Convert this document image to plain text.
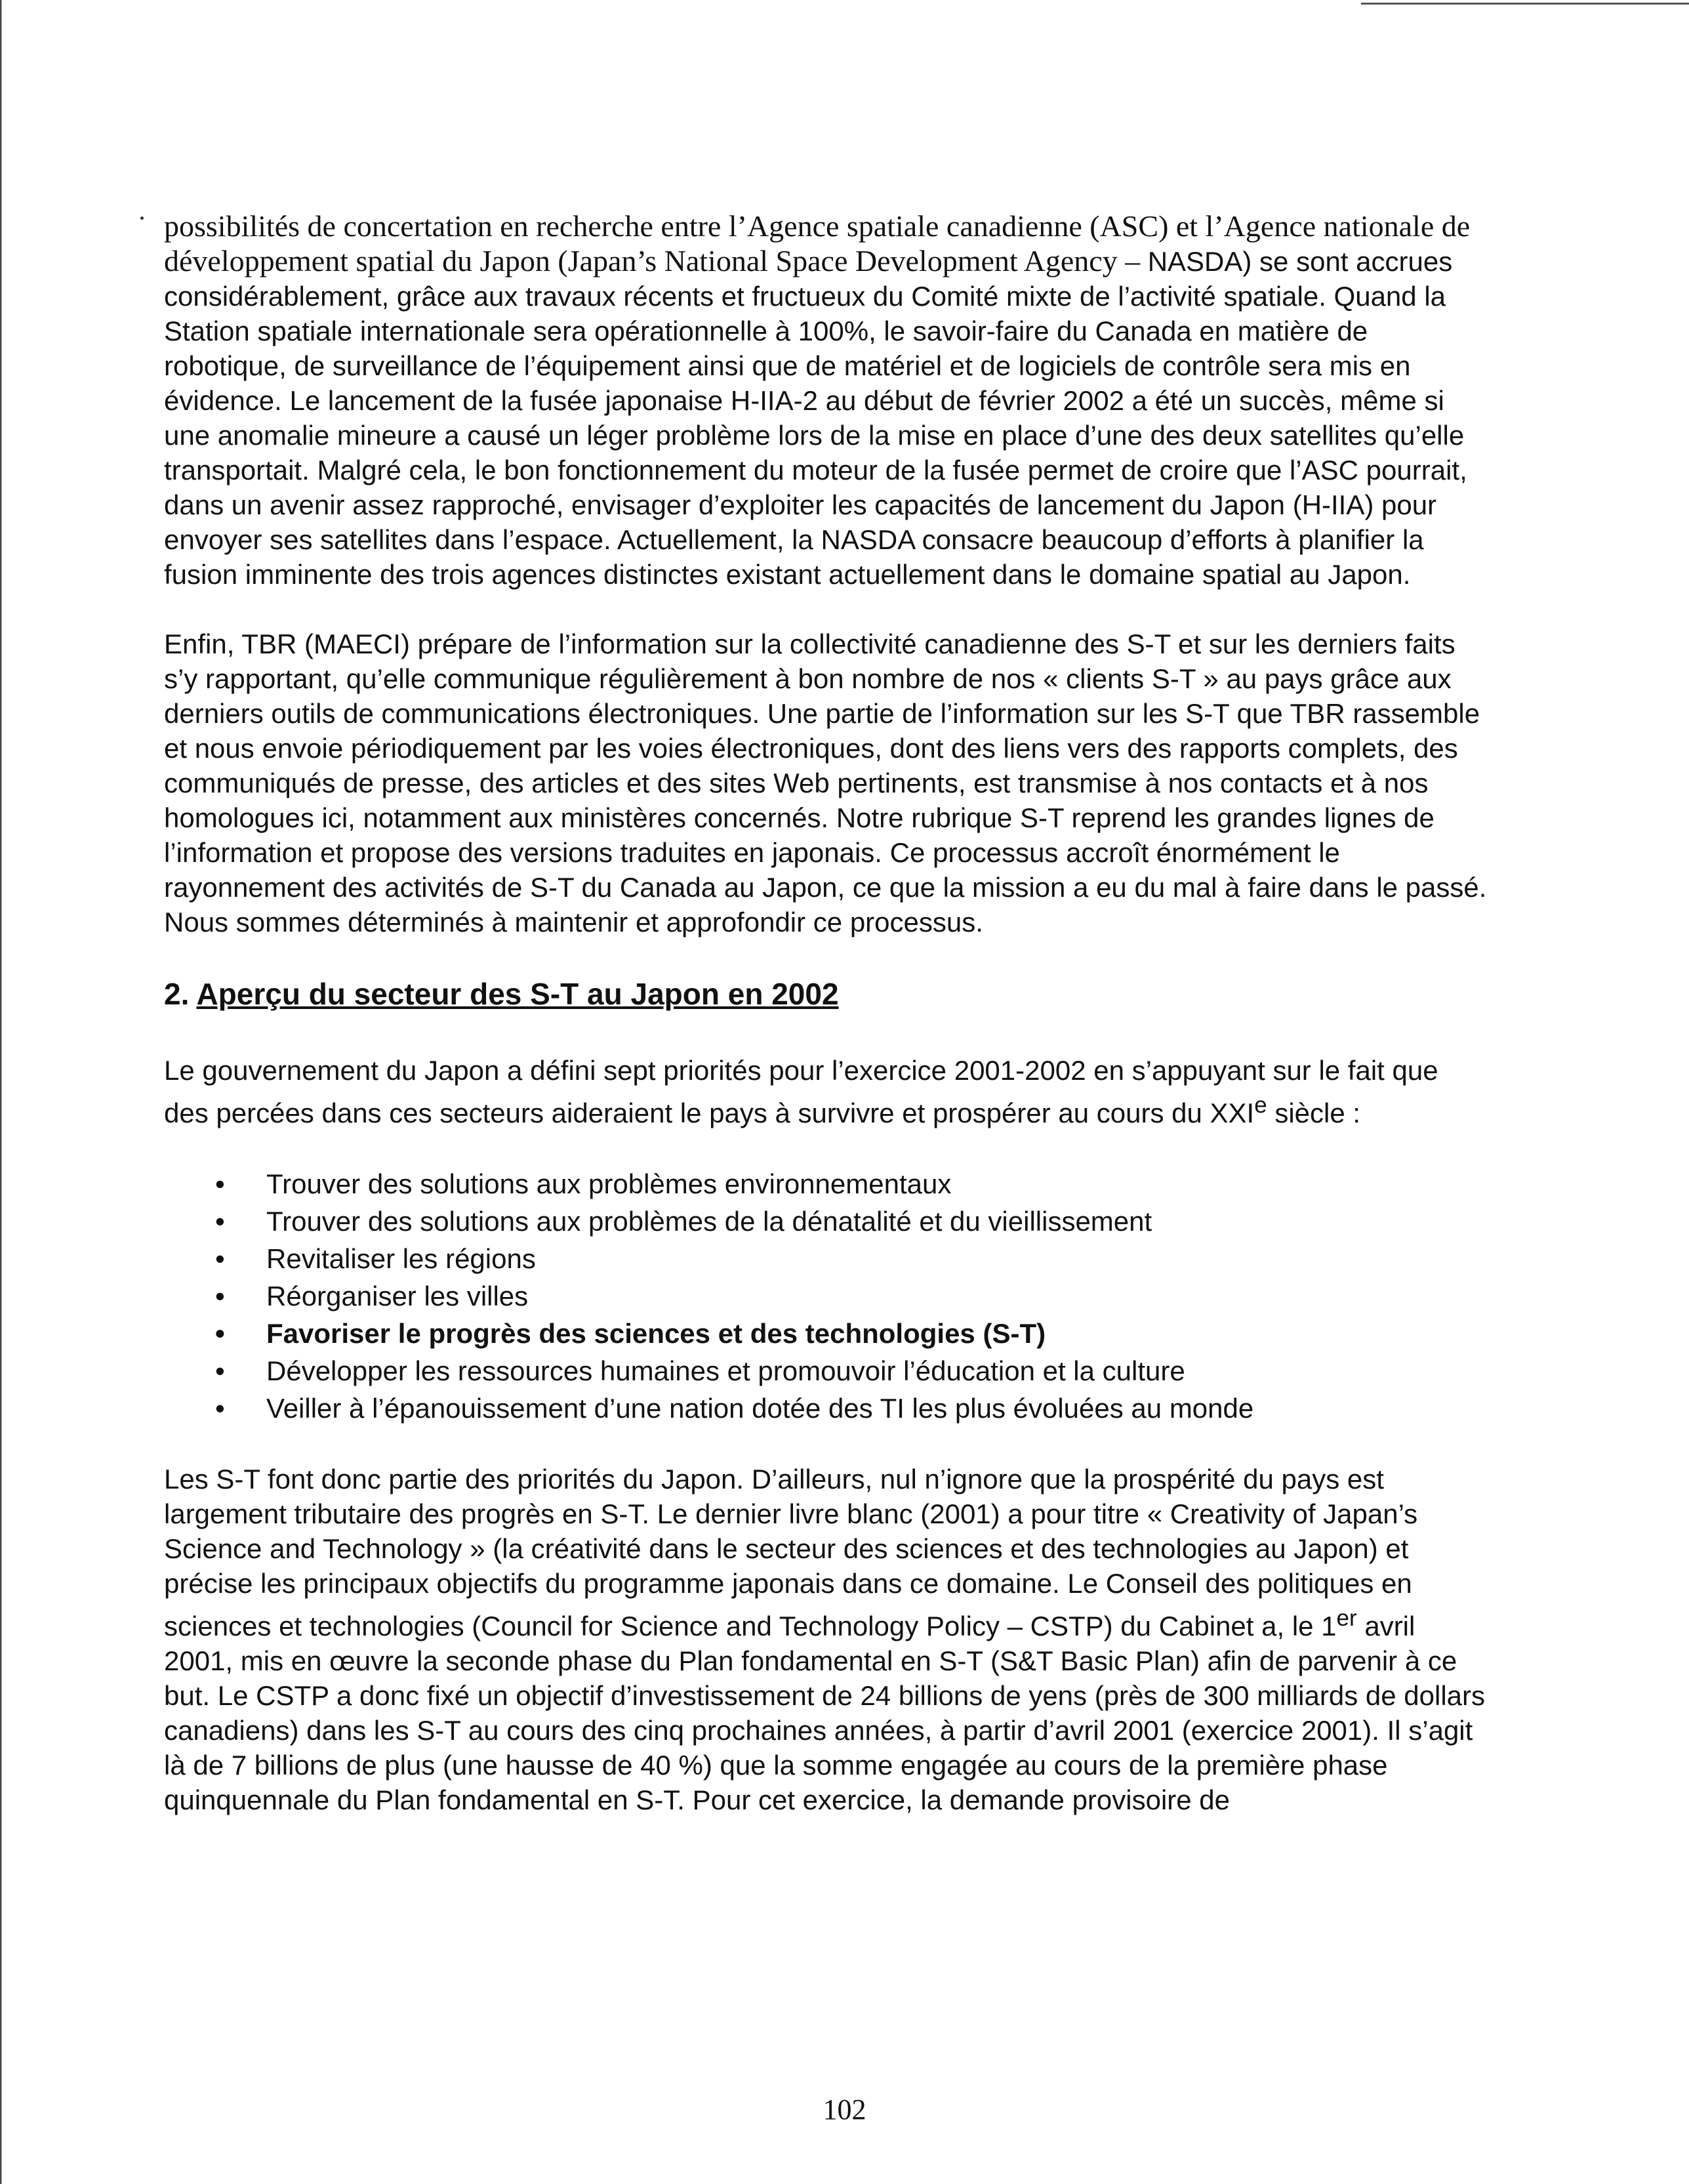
possibilités de concertation en recherche entre l’Agence spatiale canadienne (ASC) et l’Agence nationale de développement spatial du Japon (Japan’s National Space Development Agency – NASDA) se sont accrues considérablement, grâce aux travaux récents et fructueux du Comité mixte de l’activité spatiale. Quand la Station spatiale internationale sera opérationnelle à 100%, le savoir-faire du Canada en matière de robotique, de surveillance de l’équipement ainsi que de matériel et de logiciels de contrôle sera mis en évidence. Le lancement de la fusée japonaise H-IIA-2 au début de février 2002 a été un succès, même si une anomalie mineure a causé un léger problème lors de la mise en place d’une des deux satellites qu’elle transportait. Malgré cela, le bon fonctionnement du moteur de la fusée permet de croire que l’ASC pourrait, dans un avenir assez rapproché, envisager d’exploiter les capacités de lancement du Japon (H-IIA) pour envoyer ses satellites dans l’espace. Actuellement, la NASDA consacre beaucoup d’efforts à planifier la fusion imminente des trois agences distinctes existant actuellement dans le domaine spatial au Japon.

Enfin, TBR (MAECI) prépare de l’information sur la collectivité canadienne des S-T et sur les derniers faits s’y rapportant, qu’elle communique régulièrement à bon nombre de nos « clients S-T » au pays grâce aux derniers outils de communications électroniques. Une partie de l’information sur les S-T que TBR rassemble et nous envoie périodiquement par les voies électroniques, dont des liens vers des rapports complets, des communiqués de presse, des articles et des sites Web pertinents, est transmise à nos contacts et à nos homologues ici, notamment aux ministères concernés. Notre rubrique S-T reprend les grandes lignes de l’information et propose des versions traduites en japonais. Ce processus accroît énormément le rayonnement des activités de S-T du Canada au Japon, ce que la mission a eu du mal à faire dans le passé. Nous sommes déterminés à maintenir et approfondir ce processus.

2. Aperçu du secteur des S-T au Japon en 2002

Le gouvernement du Japon a défini sept priorités pour l’exercice 2001-2002 en s’appuyant sur le fait que des percées dans ces secteurs aideraient le pays à survivre et prospérer au cours du XXIe siècle :

• Trouver des solutions aux problèmes environnementaux
• Trouver des solutions aux problèmes de la dénatalité et du vieillissement
• Revitaliser les régions
• Réorganiser les villes
• Favoriser le progrès des sciences et des technologies (S-T)
• Développer les ressources humaines et promouvoir l’éducation et la culture
• Veiller à l’épanouissement d’une nation dotée des TI les plus évoluées au monde

Les S-T font donc partie des priorités du Japon. D’ailleurs, nul n’ignore que la prospérité du pays est largement tributaire des progrès en S-T. Le dernier livre blanc (2001) a pour titre « Creativity of Japan’s Science and Technology » (la créativité dans le secteur des sciences et des technologies au Japon) et précise les principaux objectifs du programme japonais dans ce domaine. Le Conseil des politiques en sciences et technologies (Council for Science and Technology Policy – CSTP) du Cabinet a, le 1er avril 2001, mis en œuvre la seconde phase du Plan fondamental en S-T (S&T Basic Plan) afin de parvenir à ce but. Le CSTP a donc fixé un objectif d’investissement de 24 billions de yens (près de 300 milliards de dollars canadiens) dans les S-T au cours des cinq prochaines années, à partir d’avril 2001 (exercice 2001). Il s’agit là de 7 billions de plus (une hausse de 40 %) que la somme engagée au cours de la première phase quinquennale du Plan fondamental en S-T. Pour cet exercice, la demande provisoire de

102
